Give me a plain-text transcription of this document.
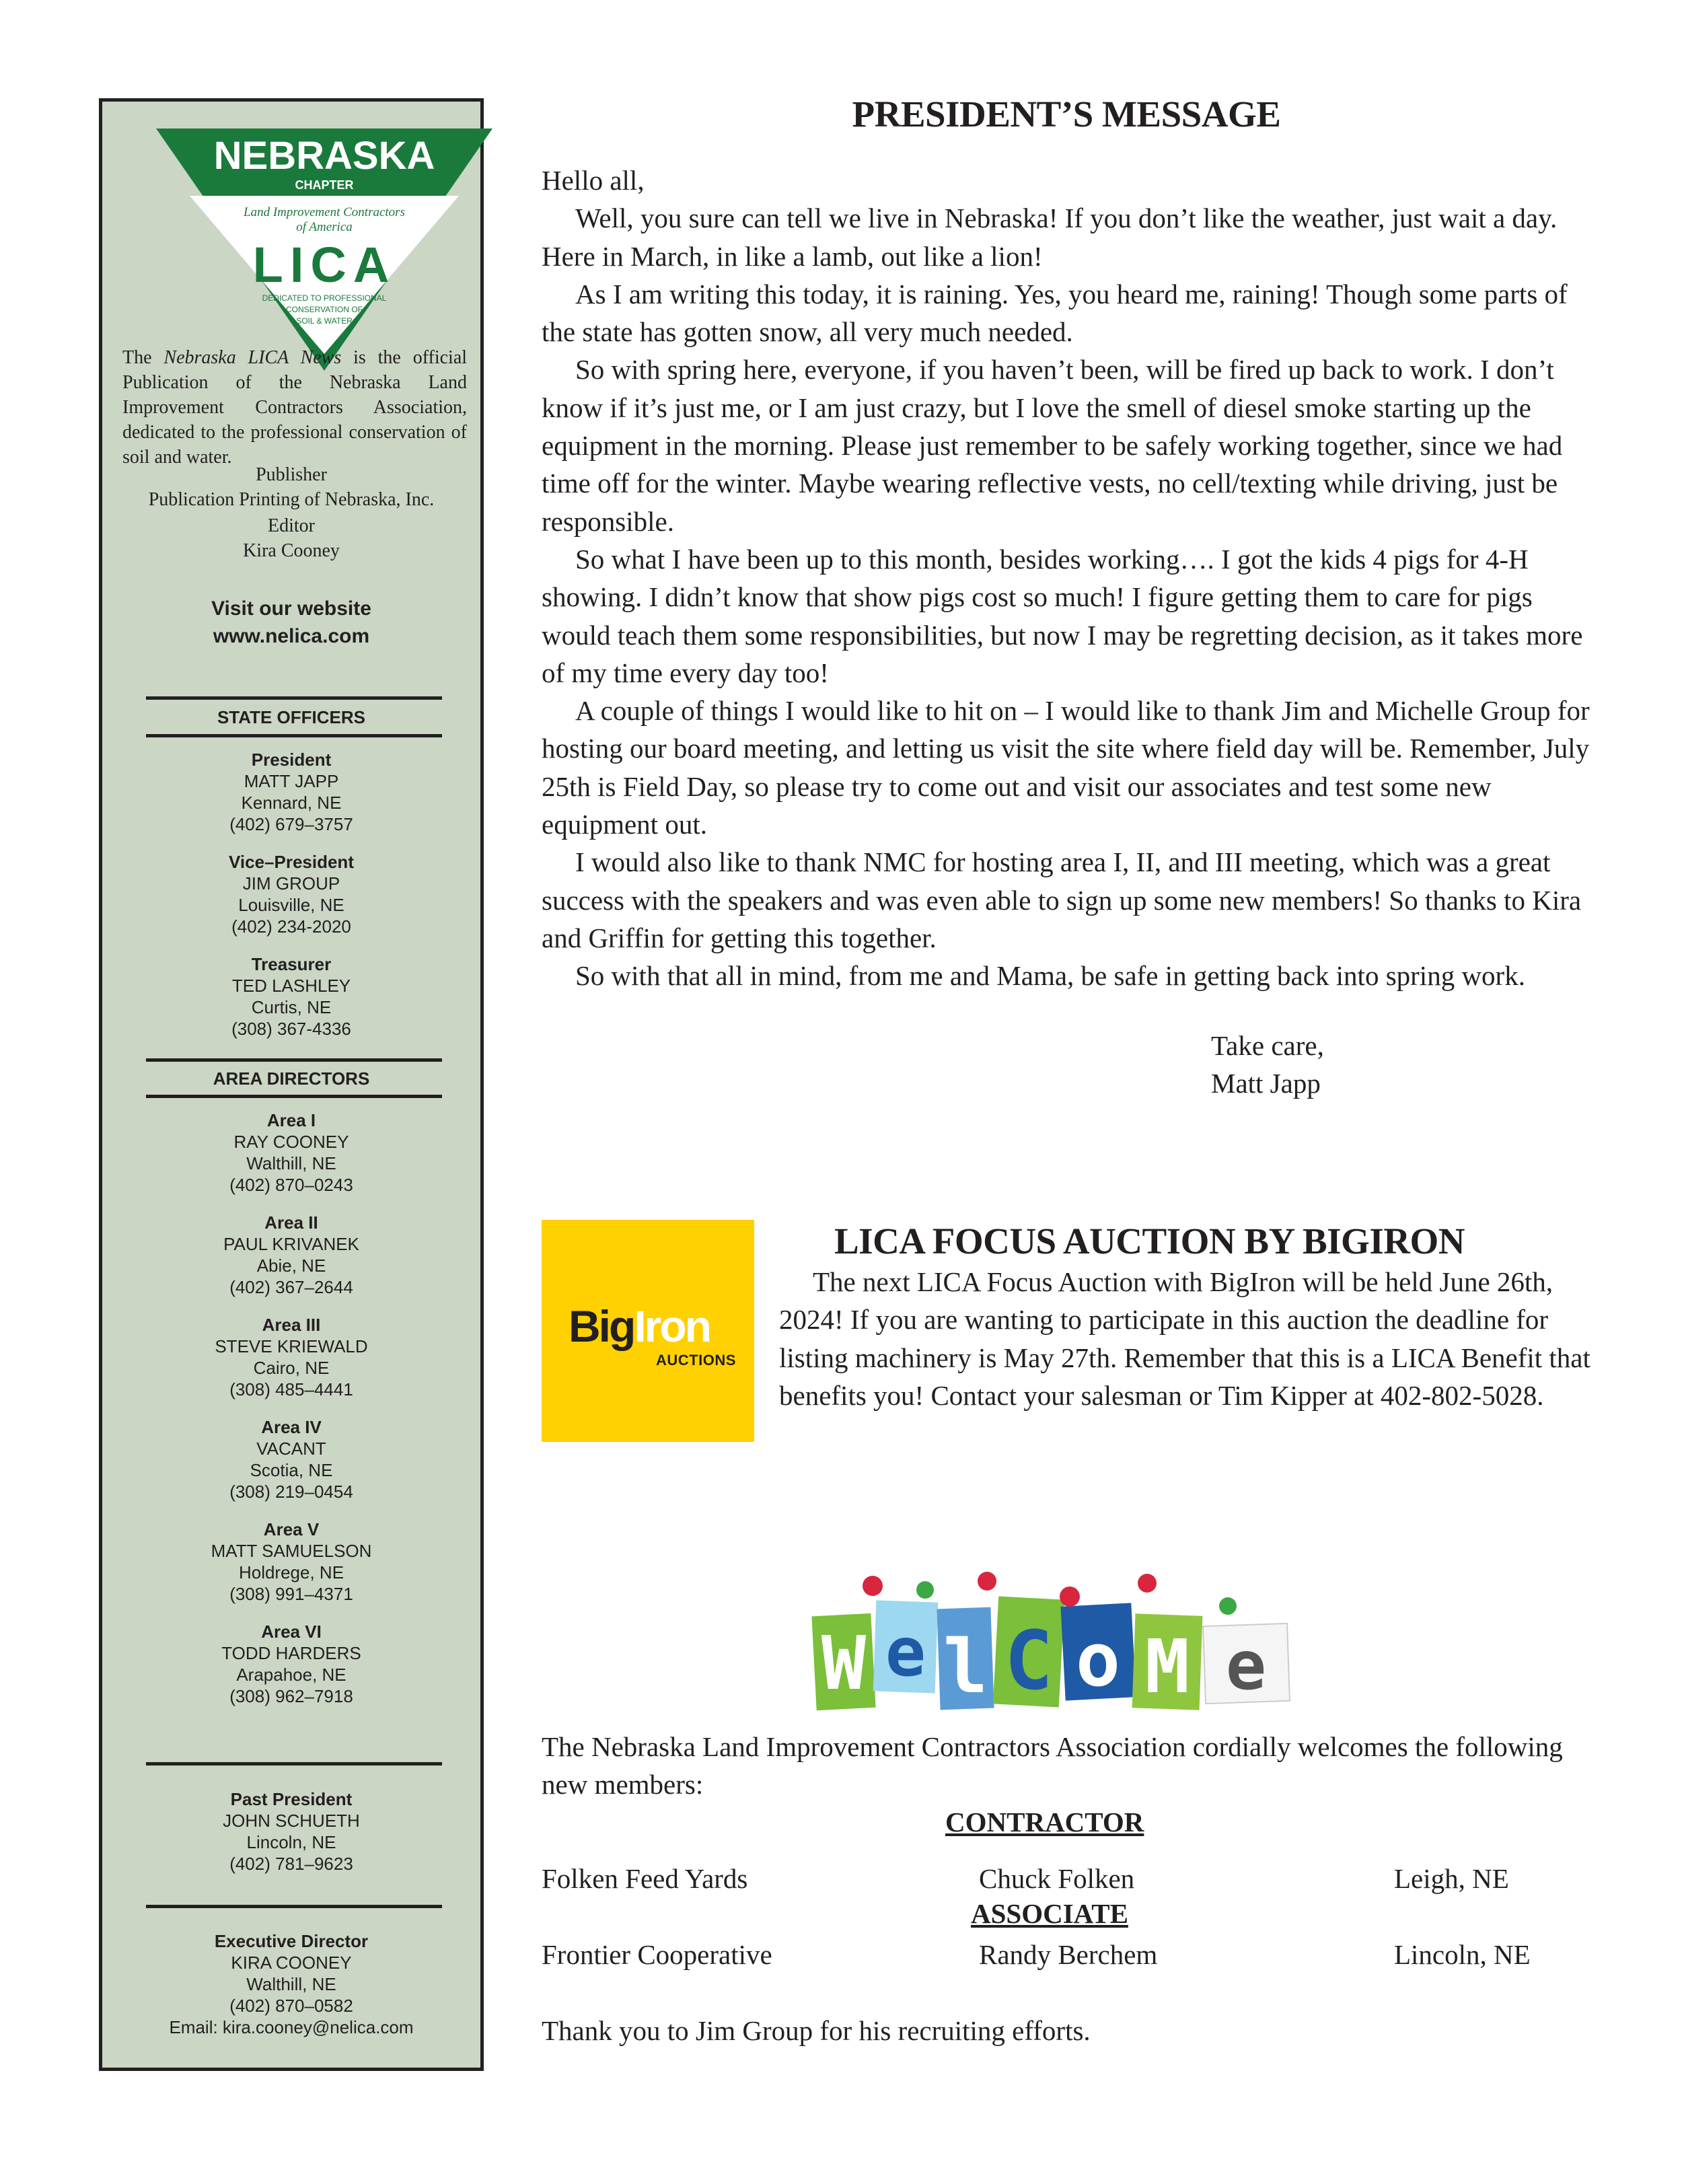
NEBRASKA
CHAPTER
Land Improvement Contractors
of America
LICA
DEDICATED TO PROFESSIONAL
CONSERVATION OF
SOIL & WATER
The Nebraska LICA News is the official Publication of the Nebraska Land Improvement Contractors Association, dedicated to the professional conservation of soil and water.
Publisher
Publication Printing of Nebraska, Inc.
Editor
Kira Cooney
Visit our website
www.nelica.com
STATE OFFICERS
President
MATT JAPP
Kennard, NE
(402) 679–3757
Vice–President
JIM GROUP
Louisville, NE
(402) 234-2020
Treasurer
TED LASHLEY
Curtis, NE
(308) 367-4336
AREA DIRECTORS
Area I
RAY COONEY
Walthill, NE
(402) 870–0243
Area II
PAUL KRIVANEK
Abie, NE
(402) 367–2644
Area III
STEVE KRIEWALD
Cairo, NE
(308) 485–4441
Area IV
VACANT
Scotia, NE
(308) 219–0454
Area V
MATT SAMUELSON
Holdrege, NE
(308) 991–4371
Area VI
TODD HARDERS
Arapahoe, NE
(308) 962–7918
Past President
JOHN SCHUETH
Lincoln, NE
(402) 781–9623
Executive Director
KIRA COONEY
Walthill, NE
(402) 870–0582
Email: kira.cooney@nelica.com
PRESIDENT’S MESSAGE

Hello all,

Well, you sure can tell we live in Nebraska! If you don’t like the weather, just wait a day. Here in March, in like a lamb, out like a lion!

As I am writing this today, it is raining. Yes, you heard me, raining! Though some parts of the state has gotten snow, all very much needed.

So with spring here, everyone, if you haven’t been, will be fired up back to work. I don’t know if it’s just me, or I am just crazy, but I love the smell of diesel smoke starting up the equipment in the morning. Please just remember to be safely working together, since we had time off for the winter. Maybe wearing reflective vests, no cell/texting while driving, just be responsible.

So what I have been up to this month, besides working…. I got the kids 4 pigs for 4-H showing. I didn’t know that show pigs cost so much! I figure getting them to care for pigs would teach them some responsibilities, but now I may be regretting decision, as it takes more of my time every day too!

A couple of things I would like to hit on – I would like to thank Jim and Michelle Group for hosting our board meeting, and letting us visit the site where field day will be. Remember, July 25th is Field Day, so please try to come out and visit our associates and test some new equipment out.

I would also like to thank NMC for hosting area I, II, and III meeting, which was a great success with the speakers and was even able to sign up some new members! So thanks to Kira and Griffin for getting this together.

So with that all in mind, from me and Mama, be safe in getting back into spring work.

Take care,
Matt Japp
BigIron
AUCTIONS
LICA FOCUS AUCTION BY BIGIRON

The next LICA Focus Auction with BigIron will be held June 26th, 2024! If you are wanting to participate in this auction the deadline for listing machinery is May 27th. Remember that this is a LICA Benefit that benefits you! Contact your salesman or Tim Kipper at 402-802-5028.

W e l C o M e
The Nebraska Land Improvement Contractors Association cordially welcomes the following new members:
CONTRACTOR
Folken Feed Yards	Chuck Folken	Leigh, NE
ASSOCIATE
Frontier Cooperative	Randy Berchem	Lincoln, NE
Thank you to Jim Group for his recruiting efforts.
